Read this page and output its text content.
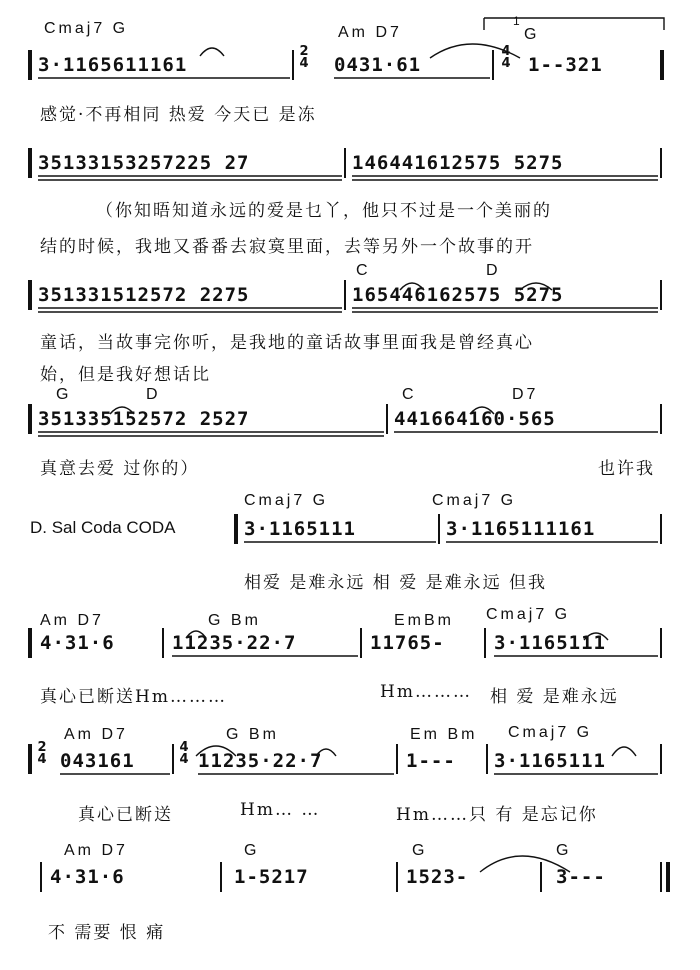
Cmaj7 G	Am D7
1
G
3·1165611161
2
4 0431·61
4
4 1--321
感觉·不再相同 热爱 今天已 是冻
35133153257225 27	146441612575 5275
（你知晤知道永远的爱是乜丫，他只不过是一个美丽的
结的时候，我地又番番去寂寞里面，去等另外一个故事的开
C	D
351331512572 2275	165446162575 5275
童话，当故事完你听，是我地的童话故事里面我是曾经真心
始，但是我好想话比
G	D	C	D7
351335152572 2527	441664160·565
真意去爱 过你的）	也许我
D. Sal Coda CODA
Cmaj7 G	Cmaj7 G
3·1165111	3·1165111161
相爱 是难永远 相 爱 是难永远 但我
Am D7	G Bm	EmBm Cmaj7 G
4·31·6	11235·22·7	11765-	3·1165111
真心已断送Hm………	Hm……… 相 爱 是难永远
Am D7	G Bm	Em Bm Cmaj7 G
2
4 043161
4
4 11235·22·7	1--- 3·1165111
真心已断送	Hm… …	Hm……只 有 是忘记你
Am D7	G	G	G
4·31·6	1-5217	1523-	3---
不 需要 恨 痛
